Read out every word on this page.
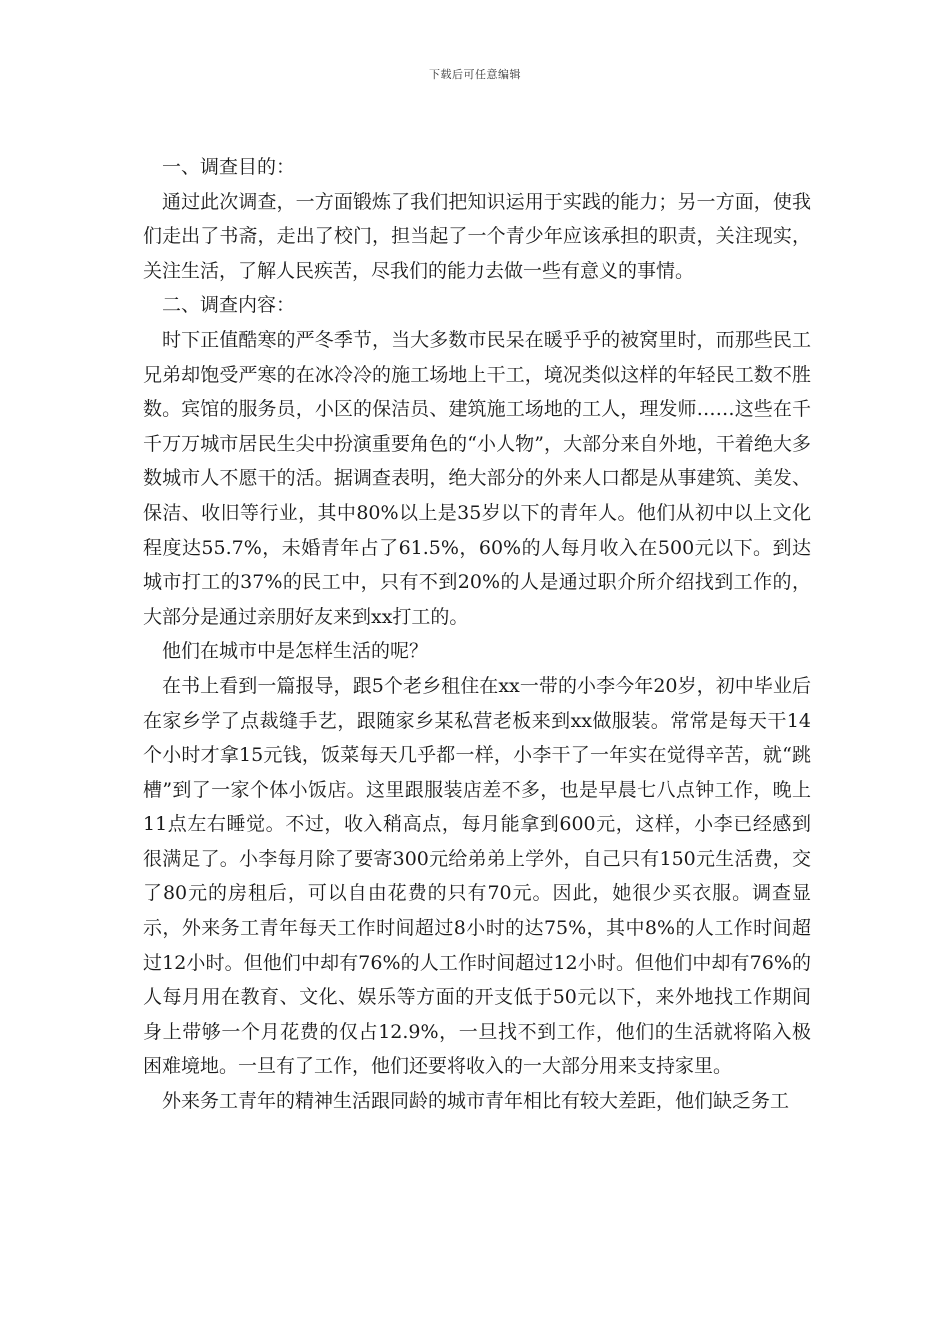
下载后可任意编辑

一、调查目的：

通过此次调查，一方面锻炼了我们把知识运用于实践的能力；另一方面，使我们走出了书斋，走出了校门，担当起了一个青少年应该承担的职责，关注现实，关注生活，了解人民疾苦，尽我们的能力去做一些有意义的事情。

二、调查内容：

时下正值酷寒的严冬季节，当大多数市民呆在暖乎乎的被窝里时，而那些民工兄弟却饱受严寒的在冰冷冷的施工场地上干工，境况类似这样的年轻民工数不胜数。宾馆的服务员，小区的保洁员、建筑施工场地的工人，理发师……这些在千千万万城市居民生尖中扮演重要角色的“小人物”，大部分来自外地，干着绝大多数城市人不愿干的活。据调查表明，绝大部分的外来人口都是从事建筑、美发、保洁、收旧等行业，其中80%以上是35岁以下的青年人。他们从初中以上文化程度达55.7%，未婚青年占了61.5%，60%的人每月收入在500元以下。到达城市打工的37%的民工中，只有不到20%的人是通过职介所介绍找到工作的，大部分是通过亲朋好友来到xx打工的。

他们在城市中是怎样生活的呢？

在书上看到一篇报导，跟5个老乡租住在xx一带的小李今年20岁，初中毕业后在家乡学了点裁缝手艺，跟随家乡某私营老板来到xx做服装。常常是每天干14个小时才拿15元钱，饭菜每天几乎都一样，小李干了一年实在觉得辛苦，就“跳槽”到了一家个体小饭店。这里跟服装店差不多，也是早晨七八点钟工作，晚上11点左右睡觉。不过，收入稍高点，每月能拿到600元，这样，小李已经感到很满足了。小李每月除了要寄300元给弟弟上学外，自己只有150元生活费，交了80元的房租后，可以自由花费的只有70元。因此，她很少买衣服。调查显示，外来务工青年每天工作时间超过8小时的达75%，其中8%的人工作时间超过12小时。但他们中却有76%的人工作时间超过12小时。但他们中却有76%的人每月用在教育、文化、娱乐等方面的开支低于50元以下，来外地找工作期间身上带够一个月花费的仅占12.9%，一旦找不到工作，他们的生活就将陷入极困难境地。一旦有了工作，他们还要将收入的一大部分用来支持家里。

外来务工青年的精神生活跟同龄的城市青年相比有较大差距，他们缺乏务工
